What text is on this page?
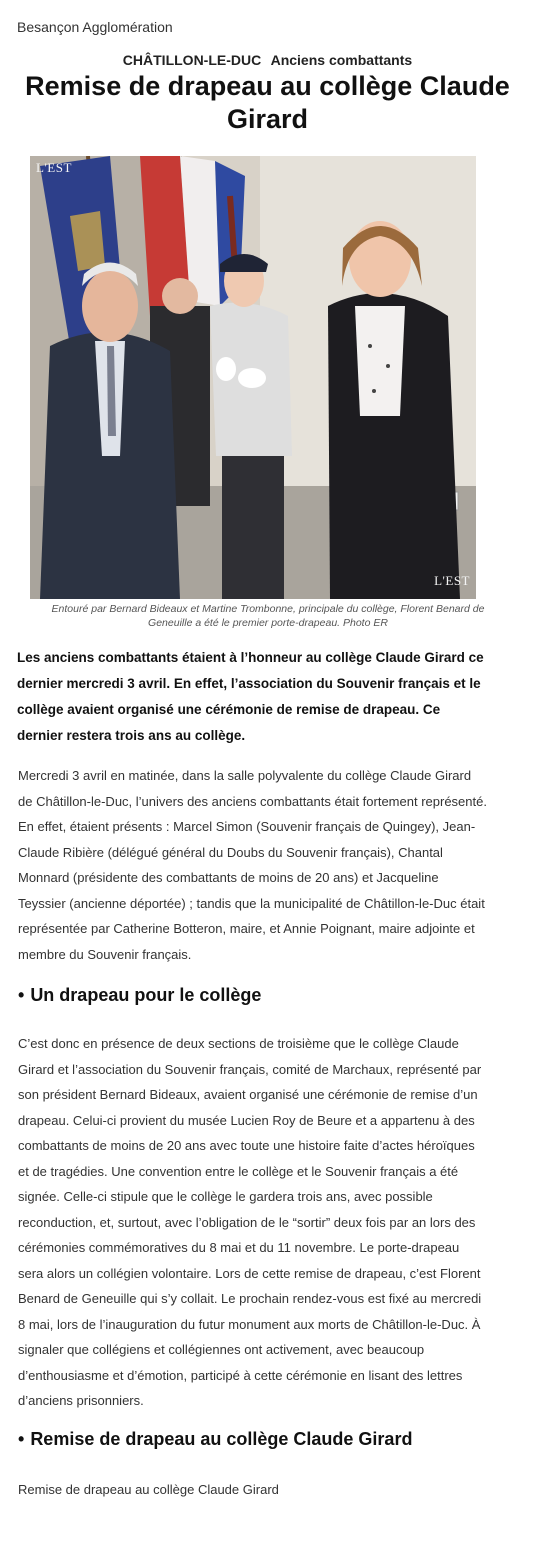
Besançon Agglomération
CHÂTILLON-LE-DUC Anciens combattants
Remise de drapeau au collège Claude Girard
L'EST
L'EST

Entouré par Bernard Bideaux et Martine Trombonne, principale du collège, Florent Benard de Geneuille a été le premier porte-drapeau. Photo ER

Les anciens combattants étaient à l’honneur au collège Claude Girard ce dernier mercredi 3 avril. En effet, l’association du Souvenir français et le collège avaient organisé une cérémonie de remise de drapeau. Ce dernier restera trois ans au collège.

Mercredi 3 avril en matinée, dans la salle polyvalente du collège Claude Girard de Châtillon-le-Duc, l’univers des anciens combattants était fortement représenté. En effet, étaient présents : Marcel Simon (Souvenir français de Quingey), Jean-Claude Ribière (délégué général du Doubs du Souvenir français), Chantal Monnard (présidente des combattants de moins de 20 ans) et Jacqueline Teyssier (ancienne déportée) ; tandis que la municipalité de Châtillon-le-Duc était représentée par Catherine Botteron, maire, et Annie Poignant, maire adjointe et membre du Souvenir français.

• Un drapeau pour le collège

C’est donc en présence de deux sections de troisième que le collège Claude Girard et l’association du Souvenir français, comité de Marchaux, représenté par son président Bernard Bideaux, avaient organisé une cérémonie de remise d’un drapeau. Celui-ci provient du musée Lucien Roy de Beure et a appartenu à des combattants de moins de 20 ans avec toute une histoire faite d’actes héroïques et de tragédies. Une convention entre le collège et le Souvenir français a été signée. Celle-ci stipule que le collège le gardera trois ans, avec possible reconduction, et, surtout, avec l’obligation de le “sortir” deux fois par an lors des cérémonies commémoratives du 8 mai et du 11 novembre. Le porte-drapeau sera alors un collégien volontaire. Lors de cette remise de drapeau, c’est Florent Benard de Geneuille qui s’y collait. Le prochain rendez-vous est fixé au mercredi 8 mai, lors de l’inauguration du futur monument aux morts de Châtillon-le-Duc. À signaler que collégiens et collégiennes ont activement, avec beaucoup d’enthousiasme et d’émotion, participé à cette cérémonie en lisant des lettres d’anciens prisonniers.

• Remise de drapeau au collège Claude Girard

Remise de drapeau au collège Claude Girard
